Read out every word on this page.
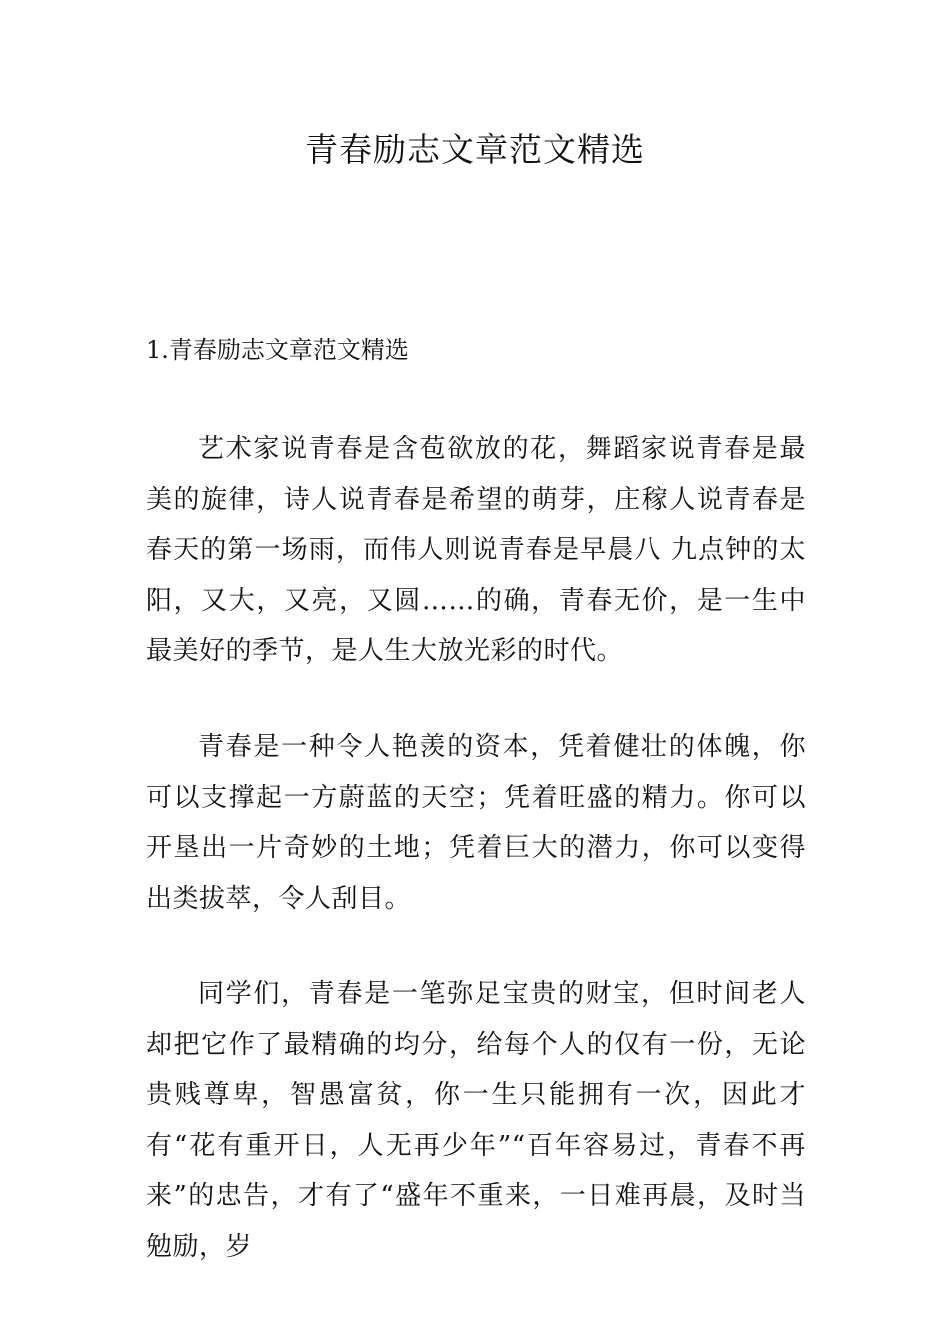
青春励志文章范文精选
1.青春励志文章范文精选

艺术家说青春是含苞欲放的花，舞蹈家说青春是最美的旋律，诗人说青春是希望的萌芽，庄稼人说青春是春天的第一场雨，而伟人则说青春是早晨八 九点钟的太阳，又大，又亮，又圆……的确，青春无价，是一生中最美好的季节，是人生大放光彩的时代。

青春是一种令人艳羡的资本，凭着健壮的体魄，你可以支撑起一方蔚蓝的天空；凭着旺盛的精力。你可以开垦出一片奇妙的土地；凭着巨大的潜力，你可以变得出类拔萃，令人刮目。

同学们，青春是一笔弥足宝贵的财宝，但时间老人却把它作了最精确的均分，给每个人的仅有一份，无论贵贱尊卑，智愚富贫，你一生只能拥有一次，因此才有“花有重开日，人无再少年”“百年容易过，青春不再来”的忠告，才有了“盛年不重来，一日难再晨，及时当勉励，岁
